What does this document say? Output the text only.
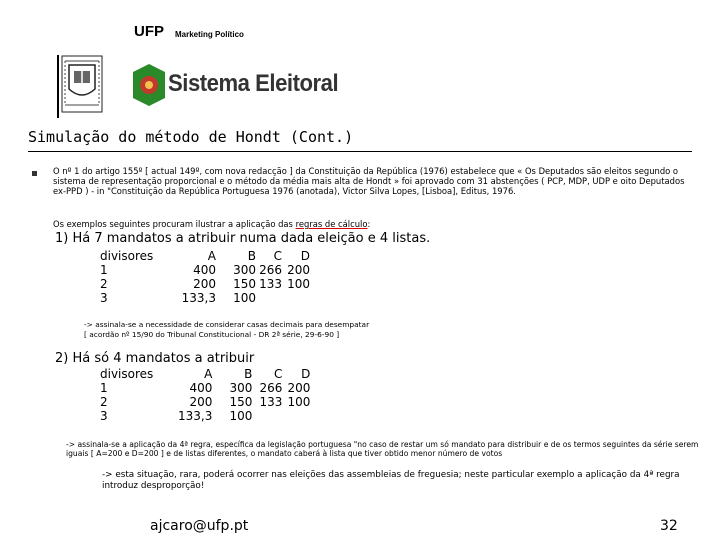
UFP Marketing Político
Sistema Eleitoral
Simulação do método de Hondt (Cont.)
O nº 1 do artigo 155º [ actual 149º, com nova redacção ] da Constituição da República (1976) estabelece que « Os Deputados são eleitos segundo o sistema de representação proporcional e o método da média mais alta de Hondt » foi aprovado com 31 abstenções ( PCP, MDP, UDP e oito Deputados ex-PPD ) - in "Constituição da República Portuguesa 1976 (anotada), Victor Silva Lopes, [Lisboa], Editus, 1976.
Os exemplos seguintes procuram ilustrar a aplicação das regras de cálculo:
1) Há 7 mandatos a atribuir numa dada eleição e 4 listas.
divisores	A	B	C	D
1	400	300	266	200
2	200	150	133	100
3	133,3	100		
-> assinala-se a necessidade de considerar casas decimais para desempatar
[ acordão nº 15/90 do Tribunal Constitucional - DR 2ª série, 29-6-90 ]
2) Há só 4 mandatos a atribuir
divisores	A	B	C	D
1	400	300	266	200
2	200	150	133	100
3	133,3	100		
-> assinala-se a aplicação da 4ª regra, específica da legislação portuguesa "no caso de restar um só mandato para distribuir e de os termos seguintes da série serem iguais [ A=200 e D=200 ] e de listas diferentes, o mandato caberá à lista que tiver obtido menor número de votos
-> esta situação, rara, poderá ocorrer nas eleições das assembleias de freguesia; neste particular exemplo a aplicação da 4ª regra introduz desproporção!
ajcaro@ufp.pt	32
